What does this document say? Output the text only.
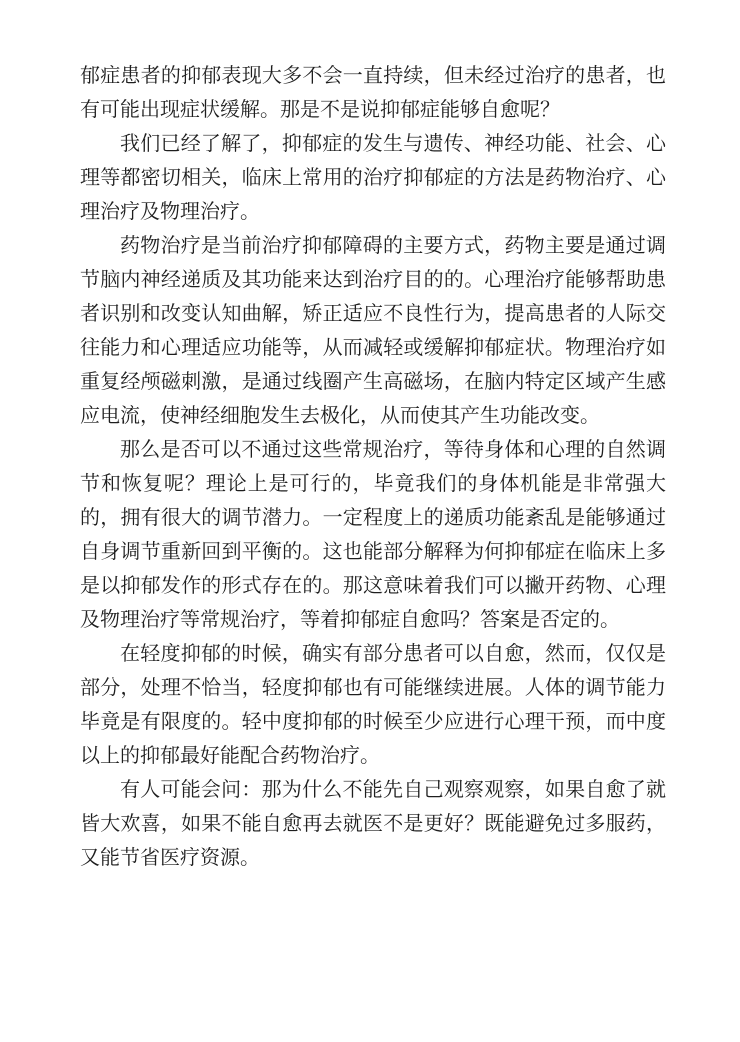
郁症患者的抑郁表现大多不会一直持续，但未经过治疗的患者，也有可能出现症状缓解。那是不是说抑郁症能够自愈呢？

我们已经了解了，抑郁症的发生与遗传、神经功能、社会、心理等都密切相关，临床上常用的治疗抑郁症的方法是药物治疗、心理治疗及物理治疗。

药物治疗是当前治疗抑郁障碍的主要方式，药物主要是通过调节脑内神经递质及其功能来达到治疗目的的。心理治疗能够帮助患者识别和改变认知曲解，矫正适应不良性行为，提高患者的人际交往能力和心理适应功能等，从而减轻或缓解抑郁症状。物理治疗如重复经颅磁刺激，是通过线圈产生高磁场，在脑内特定区域产生感应电流，使神经细胞发生去极化，从而使其产生功能改变。

那么是否可以不通过这些常规治疗，等待身体和心理的自然调节和恢复呢？理论上是可行的，毕竟我们的身体机能是非常强大的，拥有很大的调节潜力。一定程度上的递质功能紊乱是能够通过自身调节重新回到平衡的。这也能部分解释为何抑郁症在临床上多是以抑郁发作的形式存在的。那这意味着我们可以撇开药物、心理及物理治疗等常规治疗，等着抑郁症自愈吗？答案是否定的。

在轻度抑郁的时候，确实有部分患者可以自愈，然而，仅仅是部分，处理不恰当，轻度抑郁也有可能继续进展。人体的调节能力毕竟是有限度的。轻中度抑郁的时候至少应进行心理干预，而中度以上的抑郁最好能配合药物治疗。

有人可能会问：那为什么不能先自己观察观察，如果自愈了就皆大欢喜，如果不能自愈再去就医不是更好？既能避免过多服药，又能节省医疗资源。
